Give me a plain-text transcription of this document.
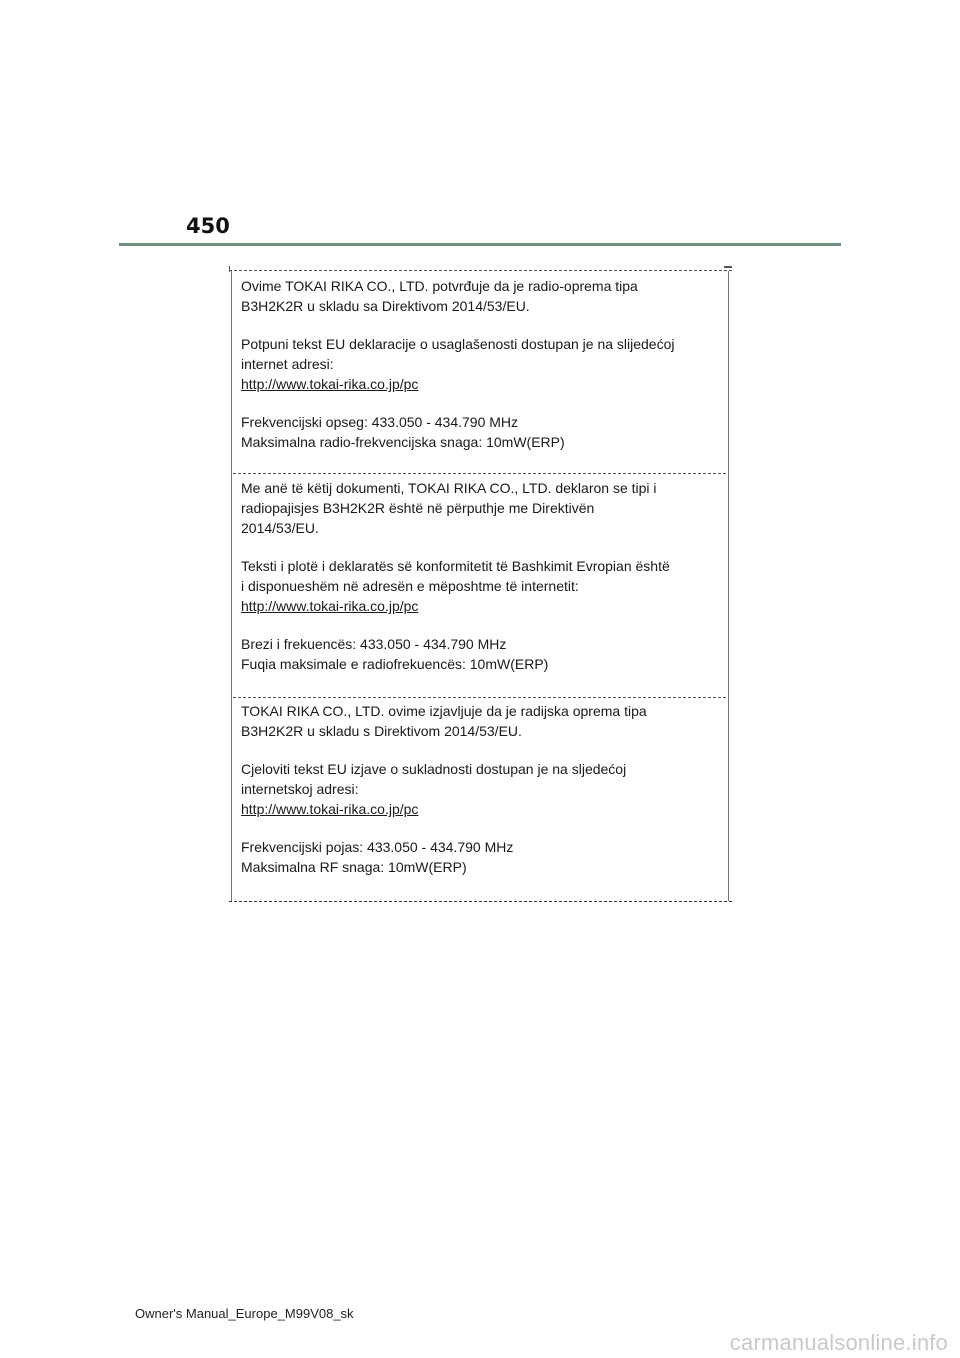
450

Ovime TOKAI RIKA CO., LTD. potvrđuje da je radio-oprema tipa

B3H2K2R u skladu sa Direktivom 2014/53/EU.

Potpuni tekst EU deklaracije o usaglašenosti dostupan je na slijedećoj

internet adresi:

http://www.tokai-rika.co.jp/pc

Frekvencijski opseg: 433.050 - 434.790 MHz

Maksimalna radio-frekvencijska snaga: 10mW(ERP)

Me anë të këtij dokumenti, TOKAI RIKA CO., LTD. deklaron se tipi i

radiopajisjes B3H2K2R është në përputhje me Direktivën

2014/53/EU.

Teksti i plotë i deklaratës së konformitetit të Bashkimit Evropian është

i disponueshëm në adresën e mëposhtme të internetit:

http://www.tokai-rika.co.jp/pc

Brezi i frekuencës: 433.050 - 434.790 MHz

Fuqia maksimale e radiofrekuencës: 10mW(ERP)

TOKAI RIKA CO., LTD. ovime izjavljuje da je radijska oprema tipa

B3H2K2R u skladu s Direktivom 2014/53/EU.

Cjeloviti tekst EU izjave o sukladnosti dostupan je na sljedećoj

internetskoj adresi:

http://www.tokai-rika.co.jp/pc

Frekvencijski pojas: 433.050 - 434.790 MHz

Maksimalna RF snaga: 10mW(ERP)

Owner's Manual_Europe_M99V08_sk
carmanualsonline.info
